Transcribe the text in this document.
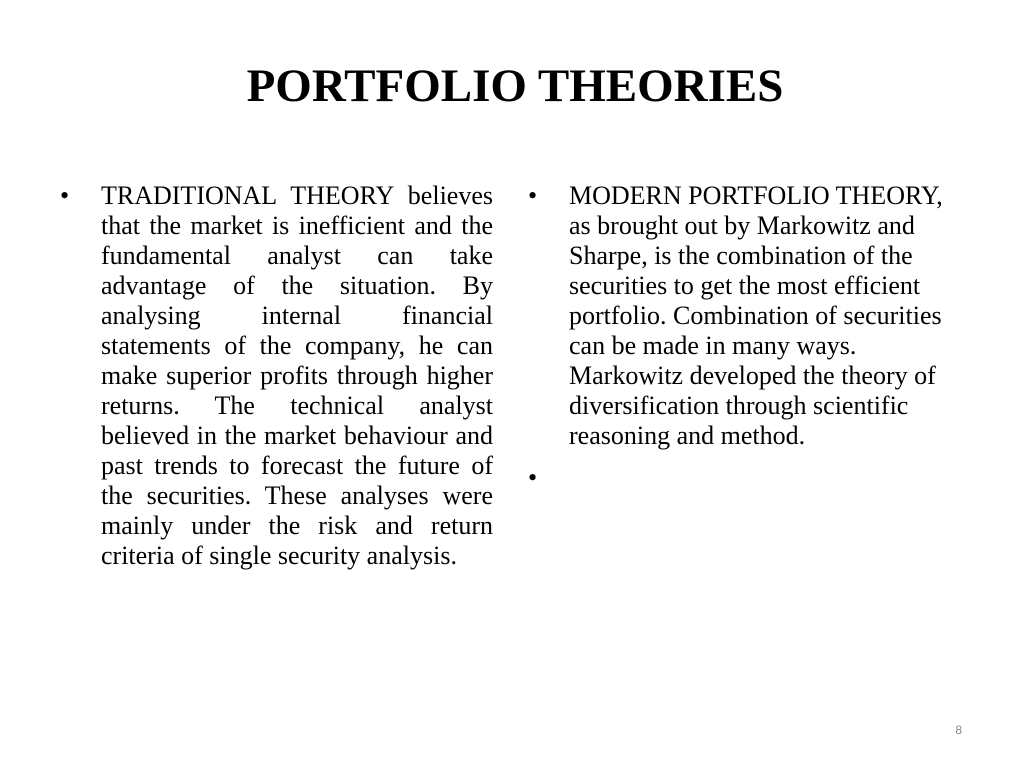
PORTFOLIO THEORIES
•	TRADITIONAL THEORY believes that the market is inefficient and the fundamental analyst can take advantage of the situation. By analysing internal financial statements of the company, he can make superior profits through higher returns. The technical analyst believed in the market behaviour and past trends to forecast the future of the securities. These analyses were mainly under the risk and return criteria of single security analysis.
•	MODERN PORTFOLIO THEORY, as brought out by Markowitz and Sharpe, is the combination of the securities to get the most efficient portfolio. Combination of securities can be made in many ways. Markowitz developed the theory of diversification through scientific reasoning and method.
•
8
